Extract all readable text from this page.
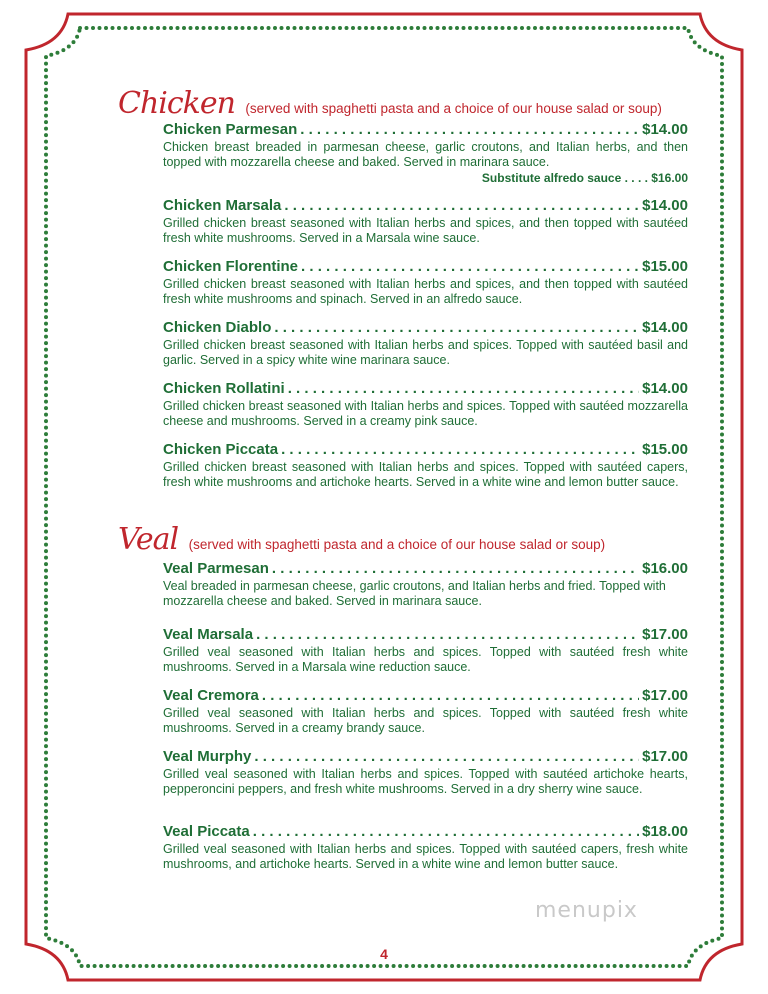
Chicken (served with spaghetti pasta and a choice of our house salad or soup)
Chicken Parmesan . . .	$14.00
Chicken breast breaded in parmesan cheese, garlic croutons, and Italian herbs, and then topped with mozzarella cheese and baked. Served in marinara sauce.
Substitute alfredo sauce . . . . $16.00
Chicken Marsala . . .	$14.00
Grilled chicken breast seasoned with Italian herbs and spices, and then topped with sautéed fresh white mushrooms. Served in a Marsala wine sauce.
Chicken Florentine . . .	$15.00
Grilled chicken breast seasoned with Italian herbs and spices, and then topped with sautéed fresh white mushrooms and spinach. Served in an alfredo sauce.
Chicken Diablo . . .	$14.00
Grilled chicken breast seasoned with Italian herbs and spices. Topped with sautéed basil and garlic. Served in a spicy white wine marinara sauce.
Chicken Rollatini . . .	$14.00
Grilled chicken breast seasoned with Italian herbs and spices. Topped with sautéed mozzarella cheese and mushrooms. Served in a creamy pink sauce.
Chicken Piccata . . .	$15.00
Grilled chicken breast seasoned with Italian herbs and spices. Topped with sautéed capers, fresh white mushrooms and artichoke hearts. Served in a white wine and lemon butter sauce.
Veal (served with spaghetti pasta and a choice of our house salad or soup)
Veal Parmesan . . .	$16.00
Veal breaded in parmesan cheese, garlic croutons, and Italian herbs and fried. Topped with mozzarella cheese and baked. Served in marinara sauce.
Veal Marsala . . .	$17.00
Grilled veal seasoned with Italian herbs and spices. Topped with sautéed fresh white mushrooms. Served in a Marsala wine reduction sauce.
Veal Cremora . . .	$17.00
Grilled veal seasoned with Italian herbs and spices. Topped with sautéed fresh white mushrooms. Served in a creamy brandy sauce.
Veal Murphy . . .	$17.00
Grilled veal seasoned with Italian herbs and spices. Topped with sautéed artichoke hearts, pepperoncini peppers, and fresh white mushrooms. Served in a dry sherry wine sauce.
Veal Piccata . . .	$18.00
Grilled veal seasoned with Italian herbs and spices. Topped with sautéed capers, fresh white mushrooms, and artichoke hearts. Served in a white wine and lemon butter sauce.
menupix
4
